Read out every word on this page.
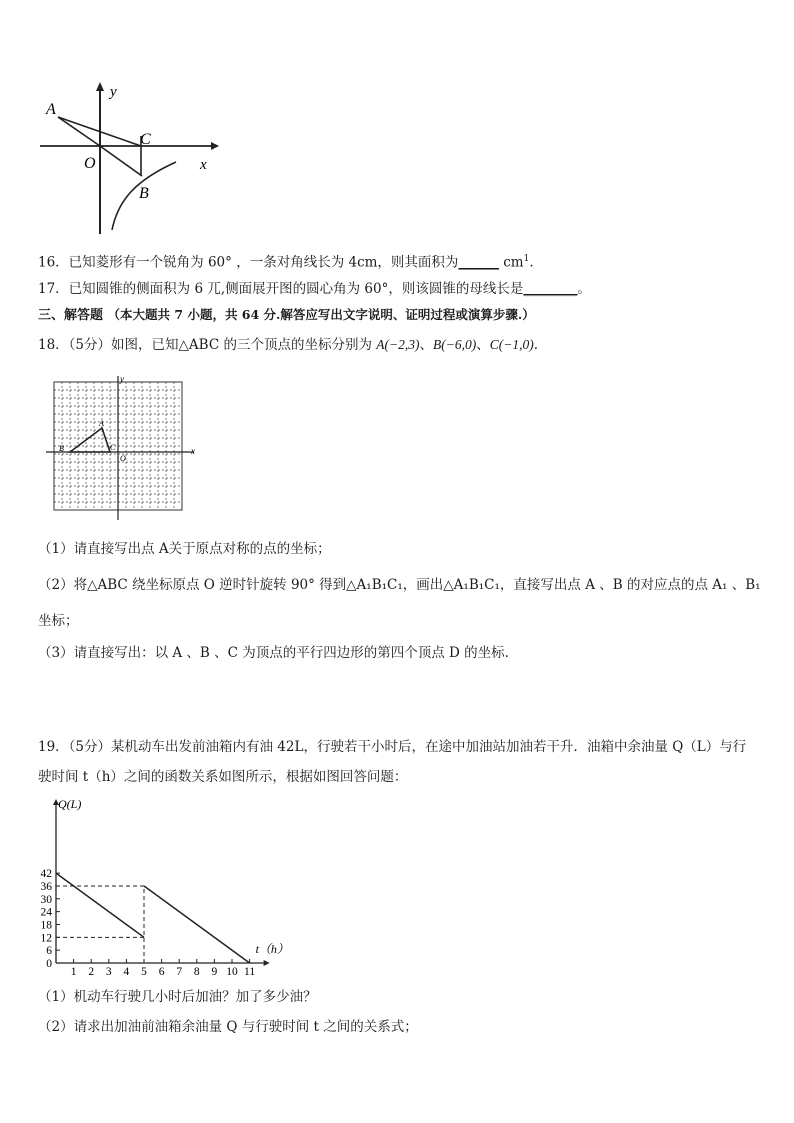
A
y
C
O	x
B
16．已知菱形有一个锐角为 60° ，一条对角线长为 4cm，则其面积为______ $cm^1$.
17．已知圆锥的侧面积为 6 兀,侧面展开图的圆心角为 60°，则该圆锥的母线长是________。
三、解答题 （本大题共 7 小题，共 64 分.解答应写出文字说明、证明过程或演算步骤.）
18．（5分）如图，已知△ABC 的三个顶点的坐标分别为 A(−2,3)、B(−6,0)、C(−1,0).
y
x
A
B	C
O
（1）请直接写出点 A关于原点对称的点的坐标；
（2）将△ABC 绕坐标原点 O 逆时针旋转 90° 得到△A₁B₁C₁，画出△A₁B₁C₁，直接写出点 A 、B 的对应点的点 A₁ 、B₁
坐标；
（3）请直接写出：以 A 、B 、C 为顶点的平行四边形的第四个顶点 D 的坐标.
19．（5分）某机动车出发前油箱内有油 42L，行驶若干小时后，在途中加油站加油若干升．油箱中余油量 Q（L）与行
驶时间 t（h）之间的函数关系如图所示，根据如图回答问题：
Q(L)
t（h）
0
6
12
18
24
30
36
42
1 2 3 4 5 6 7 8 9 10 11
（1）机动车行驶几小时后加油？加了多少油？
（2）请求出加油前油箱余油量 Q 与行驶时间 t 之间的关系式；
